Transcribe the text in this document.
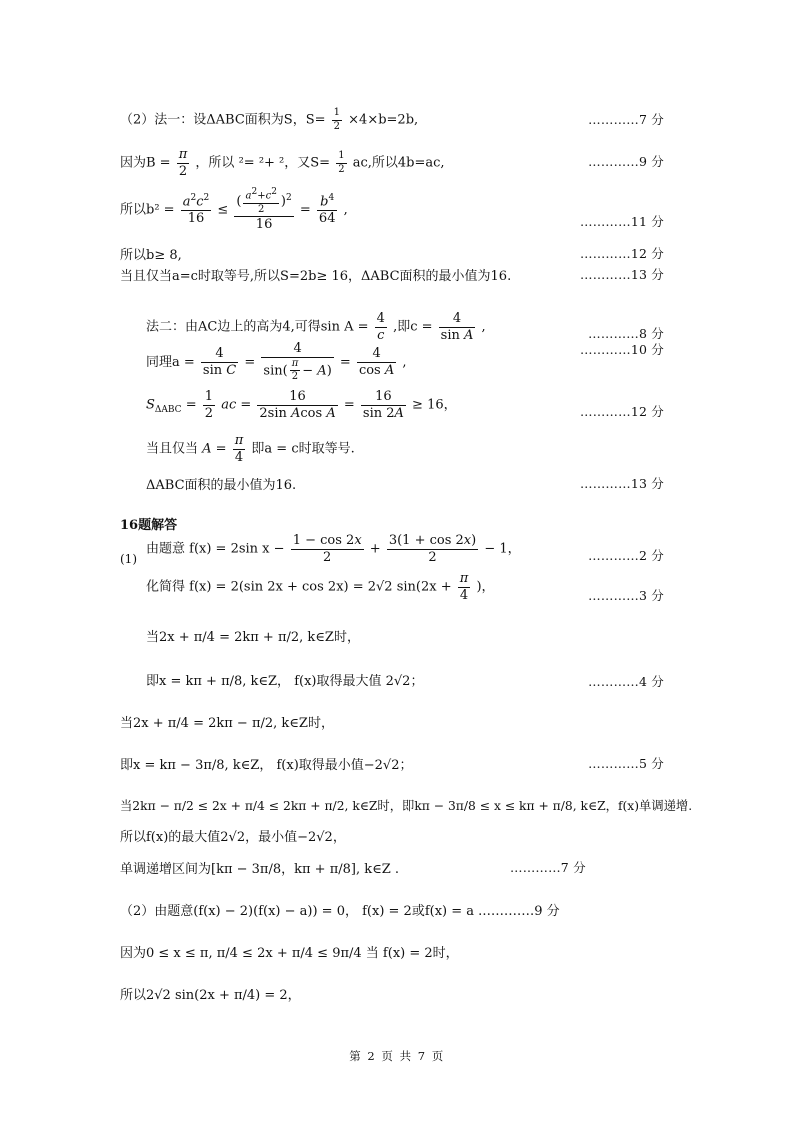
（2）法一：设ΔABC面积为S，$S= \frac{1}{2} \times 4\times b=2b$,	…………7 分
因为$B = \frac{\pi}{2}$ ，所以 ²= ²+ ²，又$S= \frac{1}{2}$ ac,所以4b=ac,	…………9 分
所以$b^2 = \frac{a^2c^2}{16} \le \frac{( \frac{a^2+c^2}{2} )^2}{16} = \frac{b^4}{64}$ ,
…………11 分
所以b≥ 8,	…………12 分
当且仅当a=c时取等号,所以S=2b≥ 16，ΔABC面积的最小值为16.	…………13 分
法二：由AC边上的高为4,可得$\sin A = \frac{4}{c}$ ,即$c = \frac{4}{\text{sin A}}$ ,	…………8 分
同理$a = \frac{4}{\text{sin C}} = \frac{4}{\sin( \frac{\pi}{2} - A)} = \frac{4}{\text{cos A}}$ ,
…………10 分
$S_{\Delta ABC} = \frac{1}{2}$ ac = $\frac{16}{\text{2sin Acos A}} = \frac{16}{\sin 2A} \ge 16$，	…………12 分
当且仅当 $A = \frac{\pi}{4}$ 即a = c时取等号.
ΔABC面积的最小值为16.	…………13 分
16题解答
(1)
由题意 f(x) = 2sin $x - \frac{1 - \cos 2x}{2} + \frac{3(1 + \cos 2x)}{2} - 1$，	…………2 分
化简得 f(x) = 2(sin 2x + cos 2x) = 2√2 $\sin(2x + \frac{\pi}{4}$ )，
…………3 分
当2x + π/4 = 2kπ + π/2, k∈Z时，
即x = kπ + π/8, k∈Z， f(x)取得最大值 2√2；	…………4 分
当2x + π/4 = 2kπ − π/2, k∈Z时，
即x = kπ − 3π/8, k∈Z， f(x)取得最小值−2√2；	…………5 分
当2kπ − π/2 ≤ 2x + π/4 ≤ 2kπ + π/2, k∈Z时，即kπ − 3π/8 ≤ x ≤ kπ + π/8, k∈Z，f(x)单调递增.
所以f(x)的最大值2√2，最小值−2√2，
单调递增区间为[kπ − 3π/8，kπ + π/8], k∈Z .	…………7 分
（2）由题意(f(x) − 2)(f(x) − a)) = 0， f(x) = 2或f(x) = a .…………9 分
因为0 ≤ x ≤ π, π/4 ≤ 2x + π/4 ≤ 9π/4 当 f(x) = 2时，
所以2√2 sin(2x + π/4) = 2，
第 2 页 共 7 页
